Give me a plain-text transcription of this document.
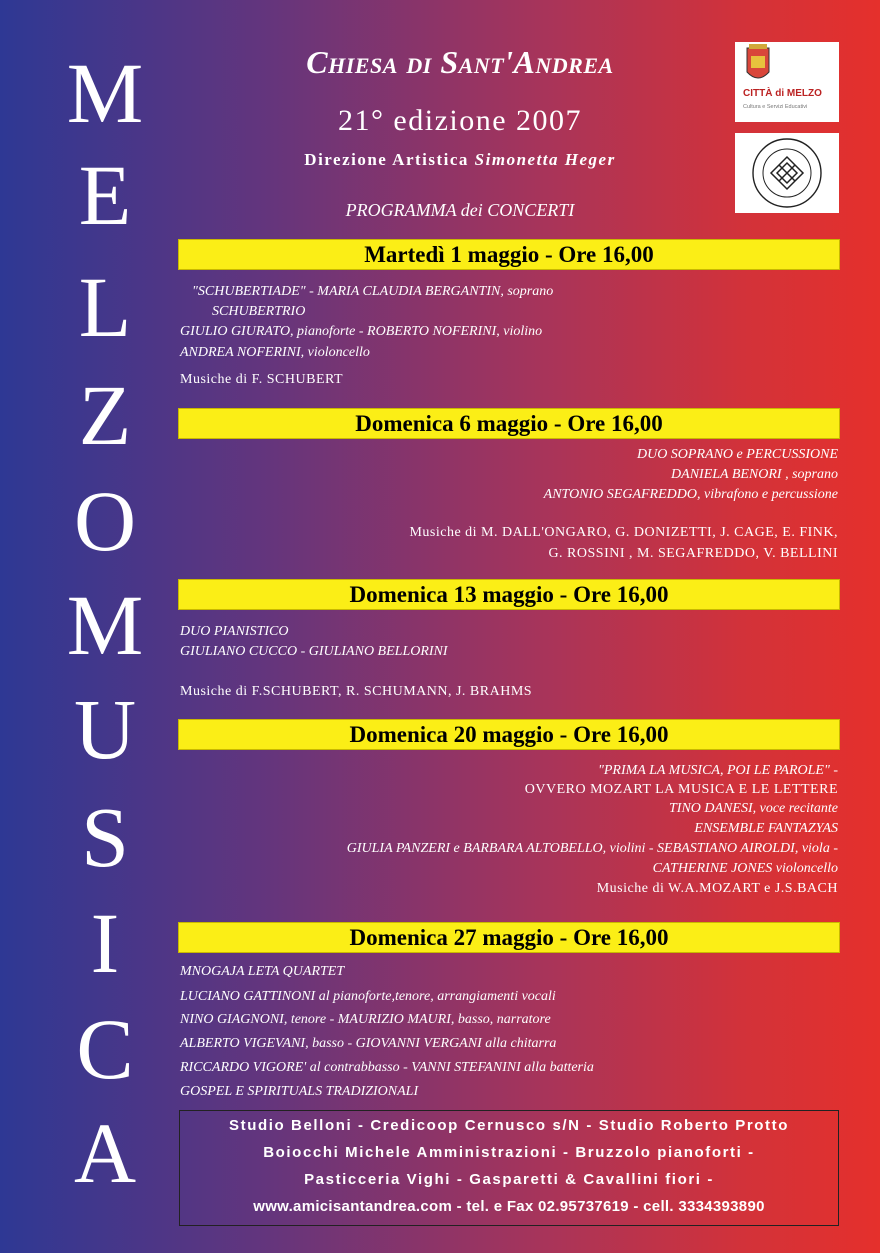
M
E
L
Z
O
M
U
S
I
C
A
Chiesa di Sant'Andrea
21° edizione 2007
Direzione Artistica Simonetta Heger
PROGRAMMA dei CONCERTI
CITTÀ di MELZO
Cultura e Servizi Educativi
Martedì 1 maggio - Ore 16,00
"SCHUBERTIADE" - MARIA CLAUDIA BERGANTIN, soprano
SCHUBERTRIO
GIULIO GIURATO, pianoforte - ROBERTO NOFERINI, violino
ANDREA NOFERINI, violoncello
Musiche di F. SCHUBERT
Domenica 6 maggio - Ore 16,00
DUO SOPRANO e PERCUSSIONE
DANIELA BENORI , soprano
ANTONIO SEGAFREDDO, vibrafono e percussione
Musiche di M. DALL'ONGARO, G. DONIZETTI, J. CAGE, E. FINK,
G. ROSSINI , M. SEGAFREDDO, V. BELLINI
Domenica 13 maggio - Ore 16,00
DUO PIANISTICO
GIULIANO CUCCO - GIULIANO BELLORINI
Musiche di F.SCHUBERT, R. SCHUMANN, J. BRAHMS
Domenica 20 maggio - Ore 16,00
"PRIMA LA MUSICA, POI LE PAROLE" -
OVVERO MOZART LA MUSICA E LE LETTERE
TINO DANESI, voce recitante
ENSEMBLE FANTAZYAS
GIULIA PANZERI e BARBARA ALTOBELLO, violini - SEBASTIANO AIROLDI, viola -
CATHERINE JONES violoncello
Musiche di W.A.MOZART e J.S.BACH
Domenica 27 maggio - Ore 16,00
MNOGAJA LETA QUARTET
LUCIANO GATTINONI al pianoforte,tenore, arrangiamenti vocali
NINO GIAGNONI, tenore - MAURIZIO MAURI, basso, narratore
ALBERTO VIGEVANI, basso - GIOVANNI VERGANI alla chitarra
RICCARDO VIGORE' al contrabbasso - VANNI STEFANINI alla batteria
GOSPEL E SPIRITUALS TRADIZIONALI
Studio Belloni - Credicoop Cernusco s/N - Studio Roberto Protto
Boiocchi Michele Amministrazioni - Bruzzolo pianoforti -
Pasticceria Vighi - Gasparetti & Cavallini fiori -
www.amicisantandrea.com - tel. e Fax 02.95737619 - cell. 3334393890
